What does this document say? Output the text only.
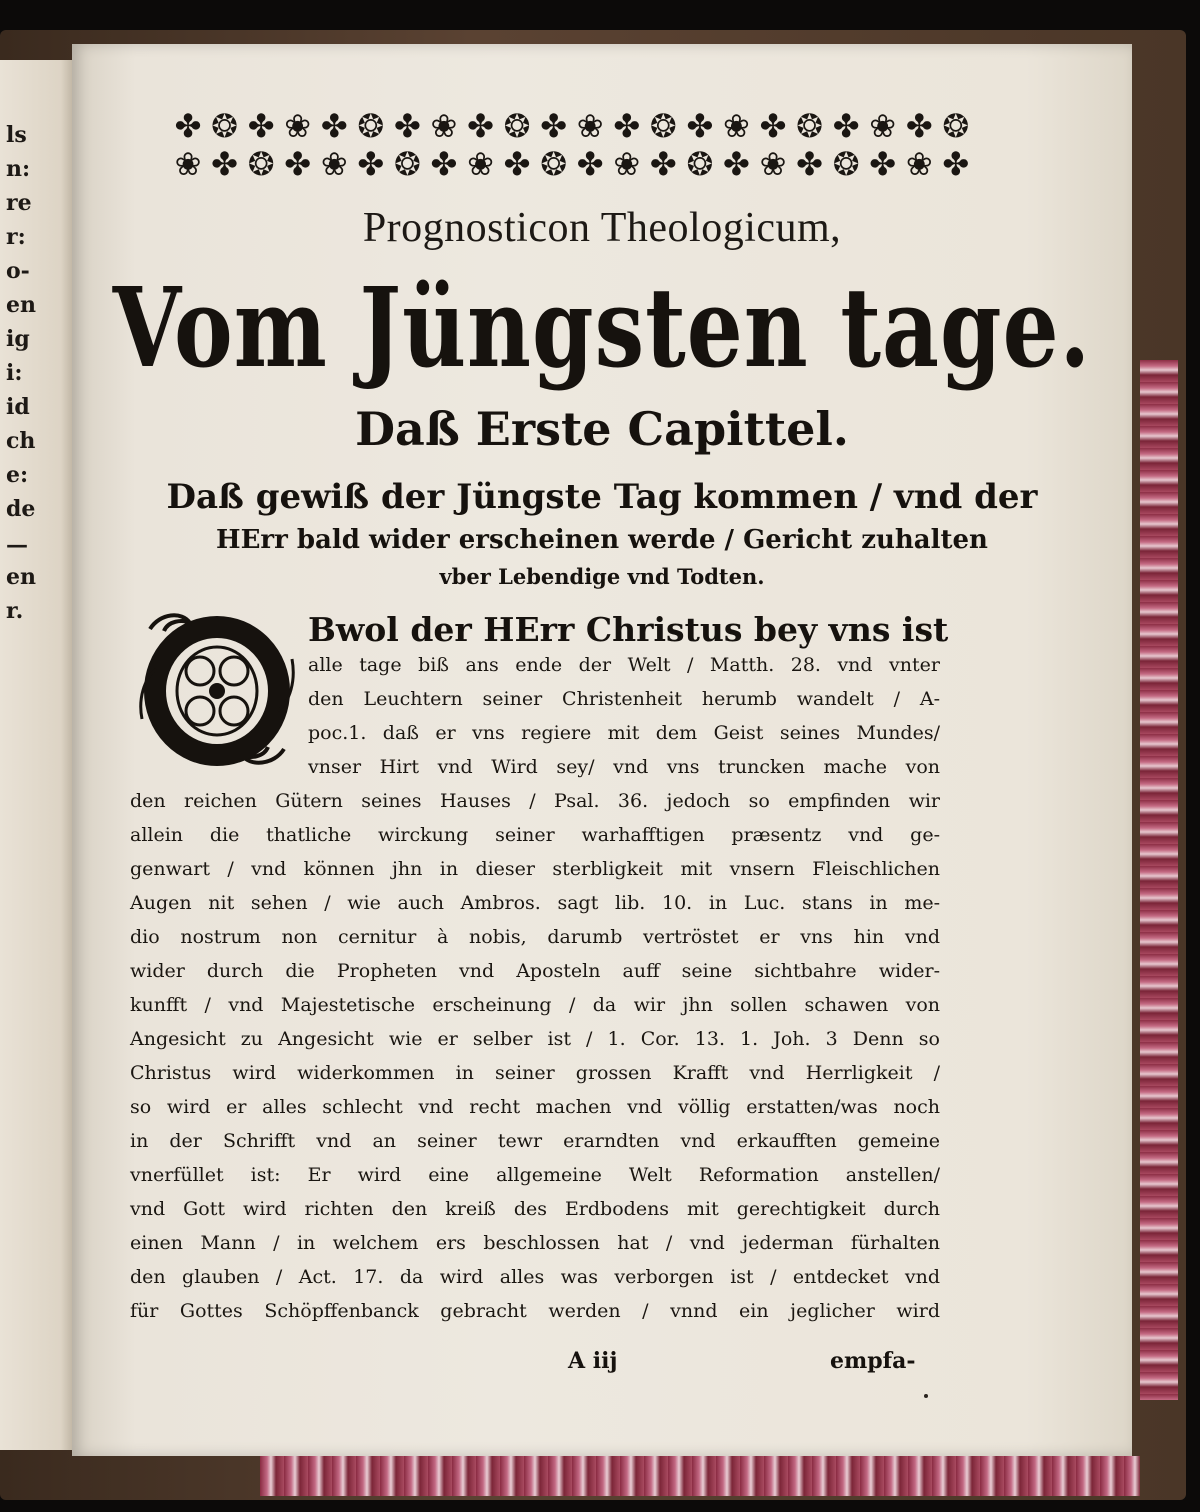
ls
n:
re
r:
o-
en
ig
i:
id
ch
e:
de
—
en
r.
✤ ❂ ✤ ❀ ✤ ❂ ✤ ❀ ✤ ❂ ✤ ❀ ✤ ❂ ✤ ❀ ✤ ❂ ✤ ❀ ✤ ❂
❀ ✤ ❂ ✤ ❀ ✤ ❂ ✤ ❀ ✤ ❂ ✤ ❀ ✤ ❂ ✤ ❀ ✤ ❂ ✤ ❀ ✤
Prognosticon Theologicum,
Vom Jüngsten tage.
Daß Erste Capittel.
Daß gewiß der Jüngste Tag kommen / vnd der
HErr bald wider erscheinen werde / Gericht zuhalten
vber Lebendige vnd Todten.
O
Bwol der HErr Christus bey vns ist
alle tage biß ans ende der Welt / Matth. 28. vnd vnter
den Leuchtern seiner Christenheit herumb wandelt / A-
poc.1. daß er vns regiere mit dem Geist seines Mundes/
vnser Hirt vnd Wird sey/ vnd vns truncken mache von
den reichen Gütern seines Hauses / Psal. 36. jedoch so empfinden wir
allein die thatliche wirckung seiner warhafftigen præsentz vnd ge-
genwart / vnd können jhn in dieser sterbligkeit mit vnsern Fleischlichen
Augen nit sehen / wie auch Ambros. sagt lib. 10. in Luc. stans in me-
dio nostrum non cernitur à nobis, darumb vertröstet er vns hin vnd
wider durch die Propheten vnd Aposteln auff seine sichtbahre wider-
kunfft / vnd Majestetische erscheinung / da wir jhn sollen schawen von
Angesicht zu Angesicht wie er selber ist / 1. Cor. 13. 1. Joh. 3 Denn so
Christus wird widerkommen in seiner grossen Krafft vnd Herrligkeit /
so wird er alles schlecht vnd recht machen vnd völlig erstatten/was noch
in der Schrifft vnd an seiner tewr erarndten vnd erkaufften gemeine
vnerfüllet ist: Er wird eine allgemeine Welt Reformation anstellen/
vnd Gott wird richten den kreiß des Erdbodens mit gerechtigkeit durch
einen Mann / in welchem ers beschlossen hat / vnd jederman fürhalten
den glauben / Act. 17. da wird alles was verborgen ist / entdecket vnd
für Gottes Schöpffenbanck gebracht werden / vnnd ein jeglicher wird
A iij	empfa-
